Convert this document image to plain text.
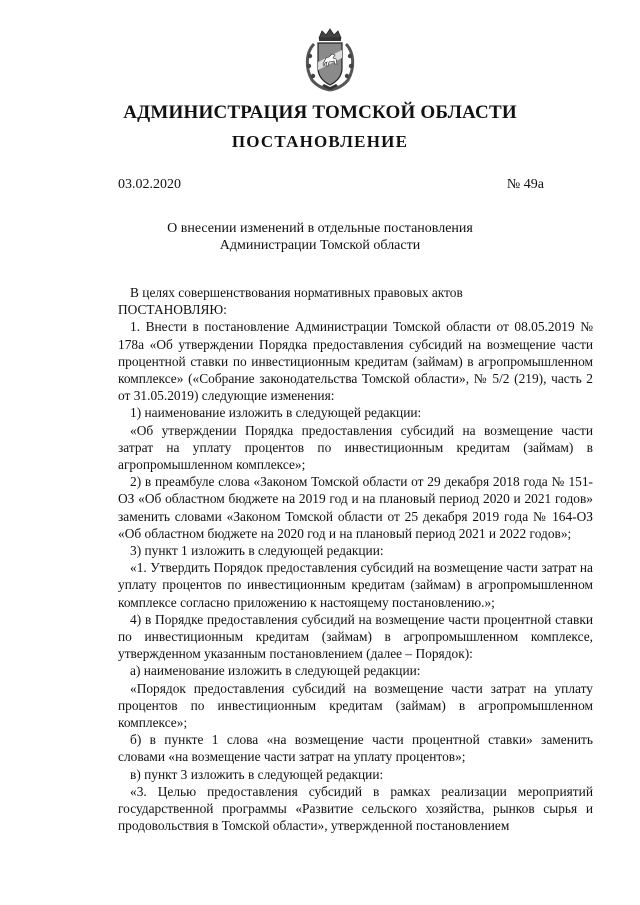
АДМИНИСТРАЦИЯ ТОМСКОЙ ОБЛАСТИ
ПОСТАНОВЛЕНИЕ
03.02.2020	№ 49а
О внесении изменений в отдельные постановления
Администрации Томской области

В целях совершенствования нормативных правовых актов

ПОСТАНОВЛЯЮ:

1. Внести в постановление Администрации Томской области от 08.05.2019 № 178а «Об утверждении Порядка предоставления субсидий на возмещение части процентной ставки по инвестиционным кредитам (займам) в агропромышленном комплексе» («Собрание законодательства Томской области», № 5/2 (219), часть 2 от 31.05.2019) следующие изменения:

1) наименование изложить в следующей редакции:

«Об утверждении Порядка предоставления субсидий на возмещение части затрат на уплату процентов по инвестиционным кредитам (займам) в агропромышленном комплексе»;

2) в преамбуле слова «Законом Томской области от 29 декабря 2018 года № 151-ОЗ «Об областном бюджете на 2019 год и на плановый период 2020 и 2021 годов» заменить словами «Законом Томской области от 25 декабря 2019 года № 164-ОЗ «Об областном бюджете на 2020 год и на плановый период 2021 и 2022 годов»;

3) пункт 1 изложить в следующей редакции:

«1. Утвердить Порядок предоставления субсидий на возмещение части затрат на уплату процентов по инвестиционным кредитам (займам) в агропромышленном комплексе согласно приложению к настоящему постановлению.»;

4) в Порядке предоставления субсидий на возмещение части процентной ставки по инвестиционным кредитам (займам) в агропромышленном комплексе, утвержденном указанным постановлением (далее – Порядок):

а) наименование изложить в следующей редакции:

«Порядок предоставления субсидий на возмещение части затрат на уплату процентов по инвестиционным кредитам (займам) в агропромышленном комплексе»;

б) в пункте 1 слова «на возмещение части процентной ставки» заменить словами «на возмещение части затрат на уплату процентов»;

в) пункт 3 изложить в следующей редакции:

«3. Целью предоставления субсидий в рамках реализации мероприятий государственной программы «Развитие сельского хозяйства, рынков сырья и продовольствия в Томской области», утвержденной постановлением
